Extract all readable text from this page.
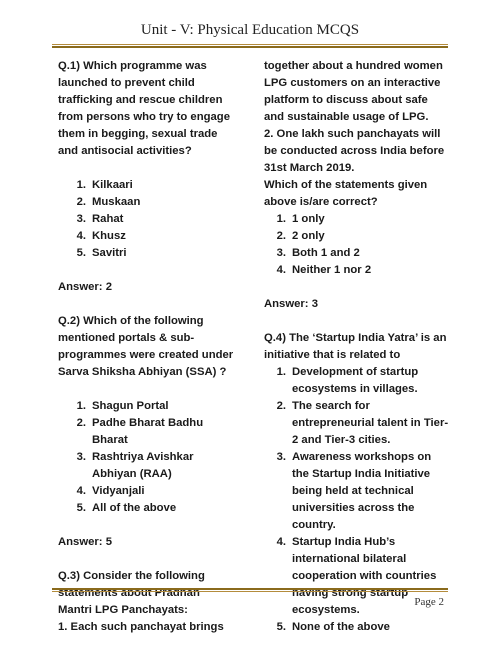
Unit - V: Physical Education MCQS
Q.1) Which programme was launched to prevent child trafficking and rescue children from persons who try to engage them in begging, sexual trade and antisocial activities?
1. Kilkaari
2. Muskaan
3. Rahat
4. Khusz
5. Savitri
Answer: 2
Q.2) Which of the following mentioned portals & sub-programmes were created under Sarva Shiksha Abhiyan (SSA) ?
1. Shagun Portal
2. Padhe Bharat Badhu Bharat
3. Rashtriya Avishkar Abhiyan (RAA)
4. Vidyanjali
5. All of the above
Answer: 5
Q.3) Consider the following statements about Pradhan Mantri LPG Panchayats:
1. Each such panchayat brings
together about a hundred women LPG customers on an interactive platform to discuss about safe and sustainable usage of LPG.
2. One lakh such panchayats will be conducted across India before 31st March 2019.
Which of the statements given above is/are correct?
1. 1 only
2. 2 only
3. Both 1 and 2
4. Neither 1 nor 2
Answer: 3
Q.4) The ‘Startup India Yatra’ is an initiative that is related to
1. Development of startup ecosystems in villages.
2. The search for entrepreneurial talent in Tier-2 and Tier-3 cities.
3. Awareness workshops on the Startup India Initiative being held at technical universities across the country.
4. Startup India Hub’s international bilateral cooperation with countries having strong startup ecosystems.
5. None of the above
Page 2
